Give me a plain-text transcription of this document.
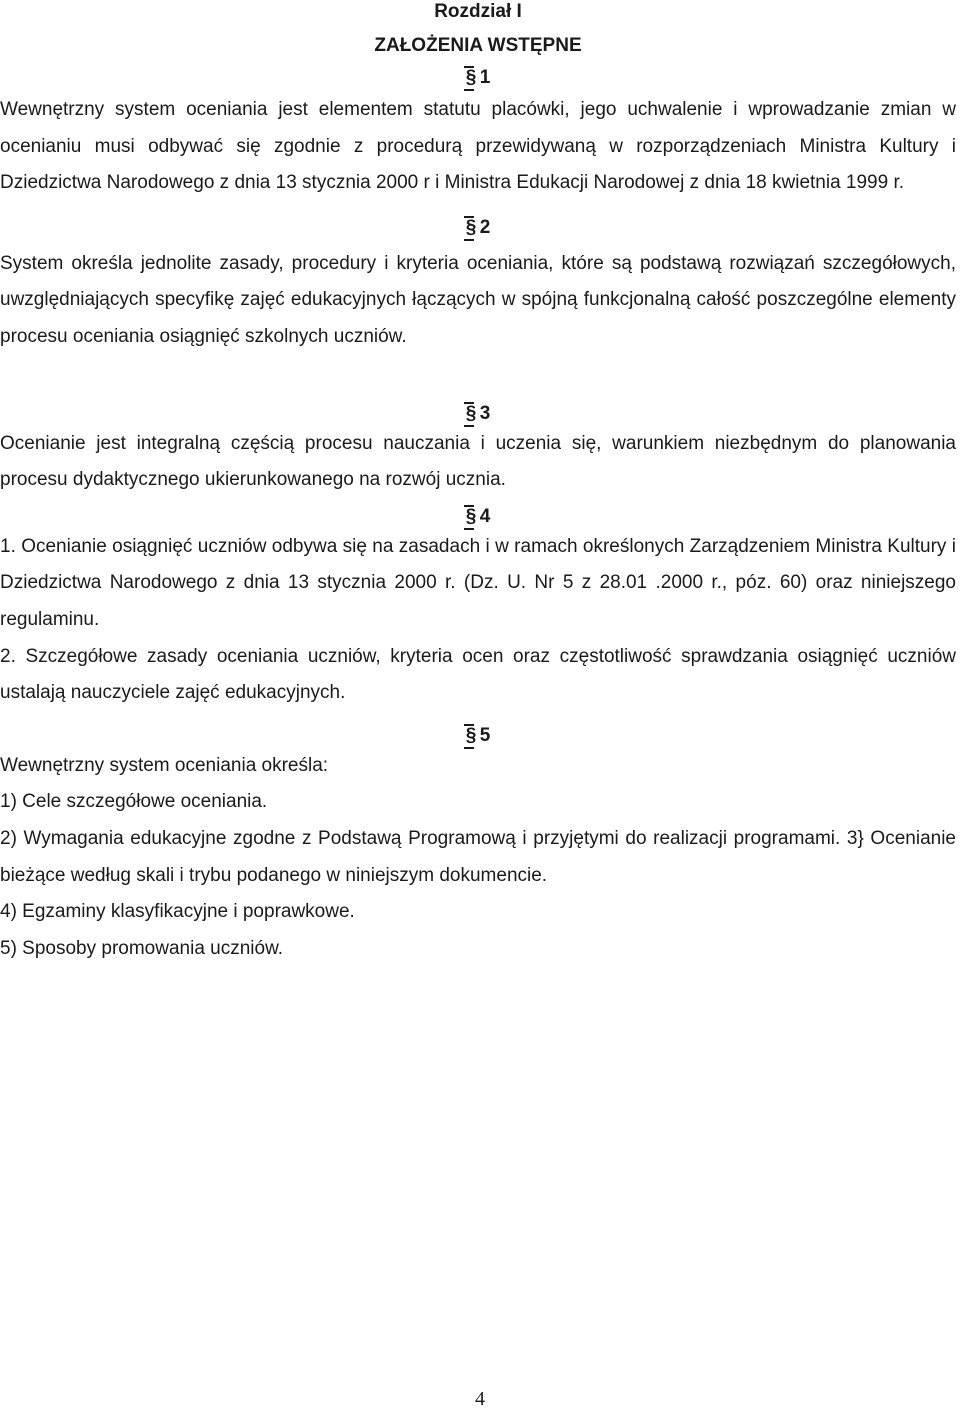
Rozdział I
ZAŁOŻENIA WSTĘPNE
§ 1

Wewnętrzny system oceniania jest elementem statutu placówki, jego uchwalenie i wprowadzanie zmian w ocenianiu musi odbywać się zgodnie z procedurą przewidywaną w rozporządzeniach Ministra Kultury i Dziedzictwa Narodowego z dnia 13 stycznia 2000 r i Ministra Edukacji Narodowej z dnia 18 kwietnia 1999 r.

§ 2

System określa jednolite zasady, procedury i kryteria oceniania, które są podstawą rozwiązań szczegółowych, uwzględniających specyfikę zajęć edukacyjnych łączących w spójną funkcjonalną całość poszczególne elementy procesu oceniania osiągnięć szkolnych uczniów.

§ 3

Ocenianie jest integralną częścią procesu nauczania i uczenia się, warunkiem niezbędnym do planowania procesu dydaktycznego ukierunkowanego na rozwój ucznia.

§ 4

1. Ocenianie osiągnięć uczniów odbywa się na zasadach i w ramach określonych Zarządzeniem Ministra Kultury i Dziedzictwa Narodowego z dnia 13 stycznia 2000 r. (Dz. U. Nr 5 z 28.01 .2000 r., póz. 60) oraz niniejszego regulaminu.

2. Szczegółowe zasady oceniania uczniów, kryteria ocen oraz częstotliwość sprawdzania osiągnięć uczniów ustalają nauczyciele zajęć edukacyjnych.

§ 5

Wewnętrzny system oceniania określa:

1) Cele szczegółowe oceniania.

2) Wymagania edukacyjne zgodne z Podstawą Programową i przyjętymi do realizacji programami. 3} Ocenianie bieżące według skali i trybu podanego w niniejszym dokumencie.

4) Egzaminy klasyfikacyjne i poprawkowe.

5) Sposoby promowania uczniów.

4
